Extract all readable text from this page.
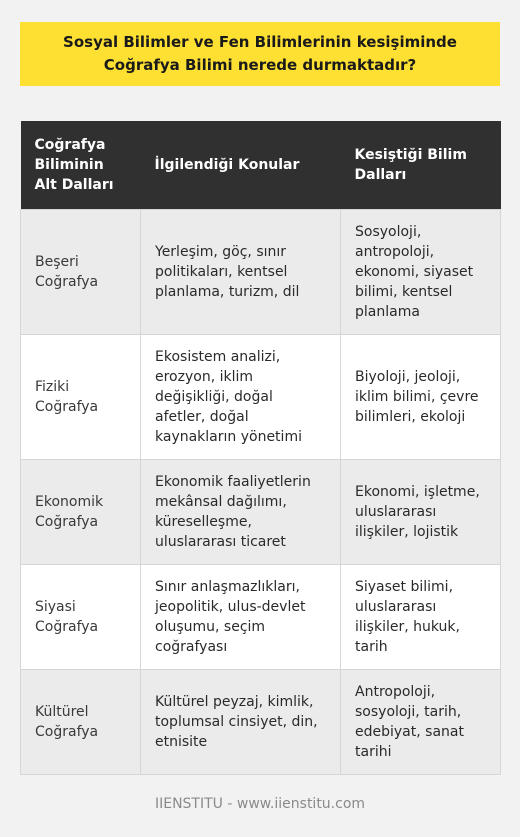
Sosyal Bilimler ve Fen Bilimlerinin kesişiminde Coğrafya Bilimi nerede durmaktadır?
Coğrafya Biliminin Alt Dalları	İlgilendiği Konular	Kesiştiği Bilim Dalları
Beşeri Coğrafya	Yerleşim, göç, sınır politikaları, kentsel planlama, turizm, dil	Sosyoloji, antropoloji, ekonomi, siyaset bilimi, kentsel planlama
Fiziki Coğrafya	Ekosistem analizi, erozyon, iklim değişikliği, doğal afetler, doğal kaynakların yönetimi	Biyoloji, jeoloji, iklim bilimi, çevre bilimleri, ekoloji
Ekonomik Coğrafya	Ekonomik faaliyetlerin mekânsal dağılımı, küreselleşme, uluslararası ticaret	Ekonomi, işletme, uluslararası ilişkiler, lojistik
Siyasi Coğrafya	Sınır anlaşmazlıkları, jeopolitik, ulus-devlet oluşumu, seçim coğrafyası	Siyaset bilimi, uluslararası ilişkiler, hukuk, tarih
Kültürel Coğrafya	Kültürel peyzaj, kimlik, toplumsal cinsiyet, din, etnisite	Antropoloji, sosyoloji, tarih, edebiyat, sanat tarihi
IIENSTITU - www.iienstitu.com
